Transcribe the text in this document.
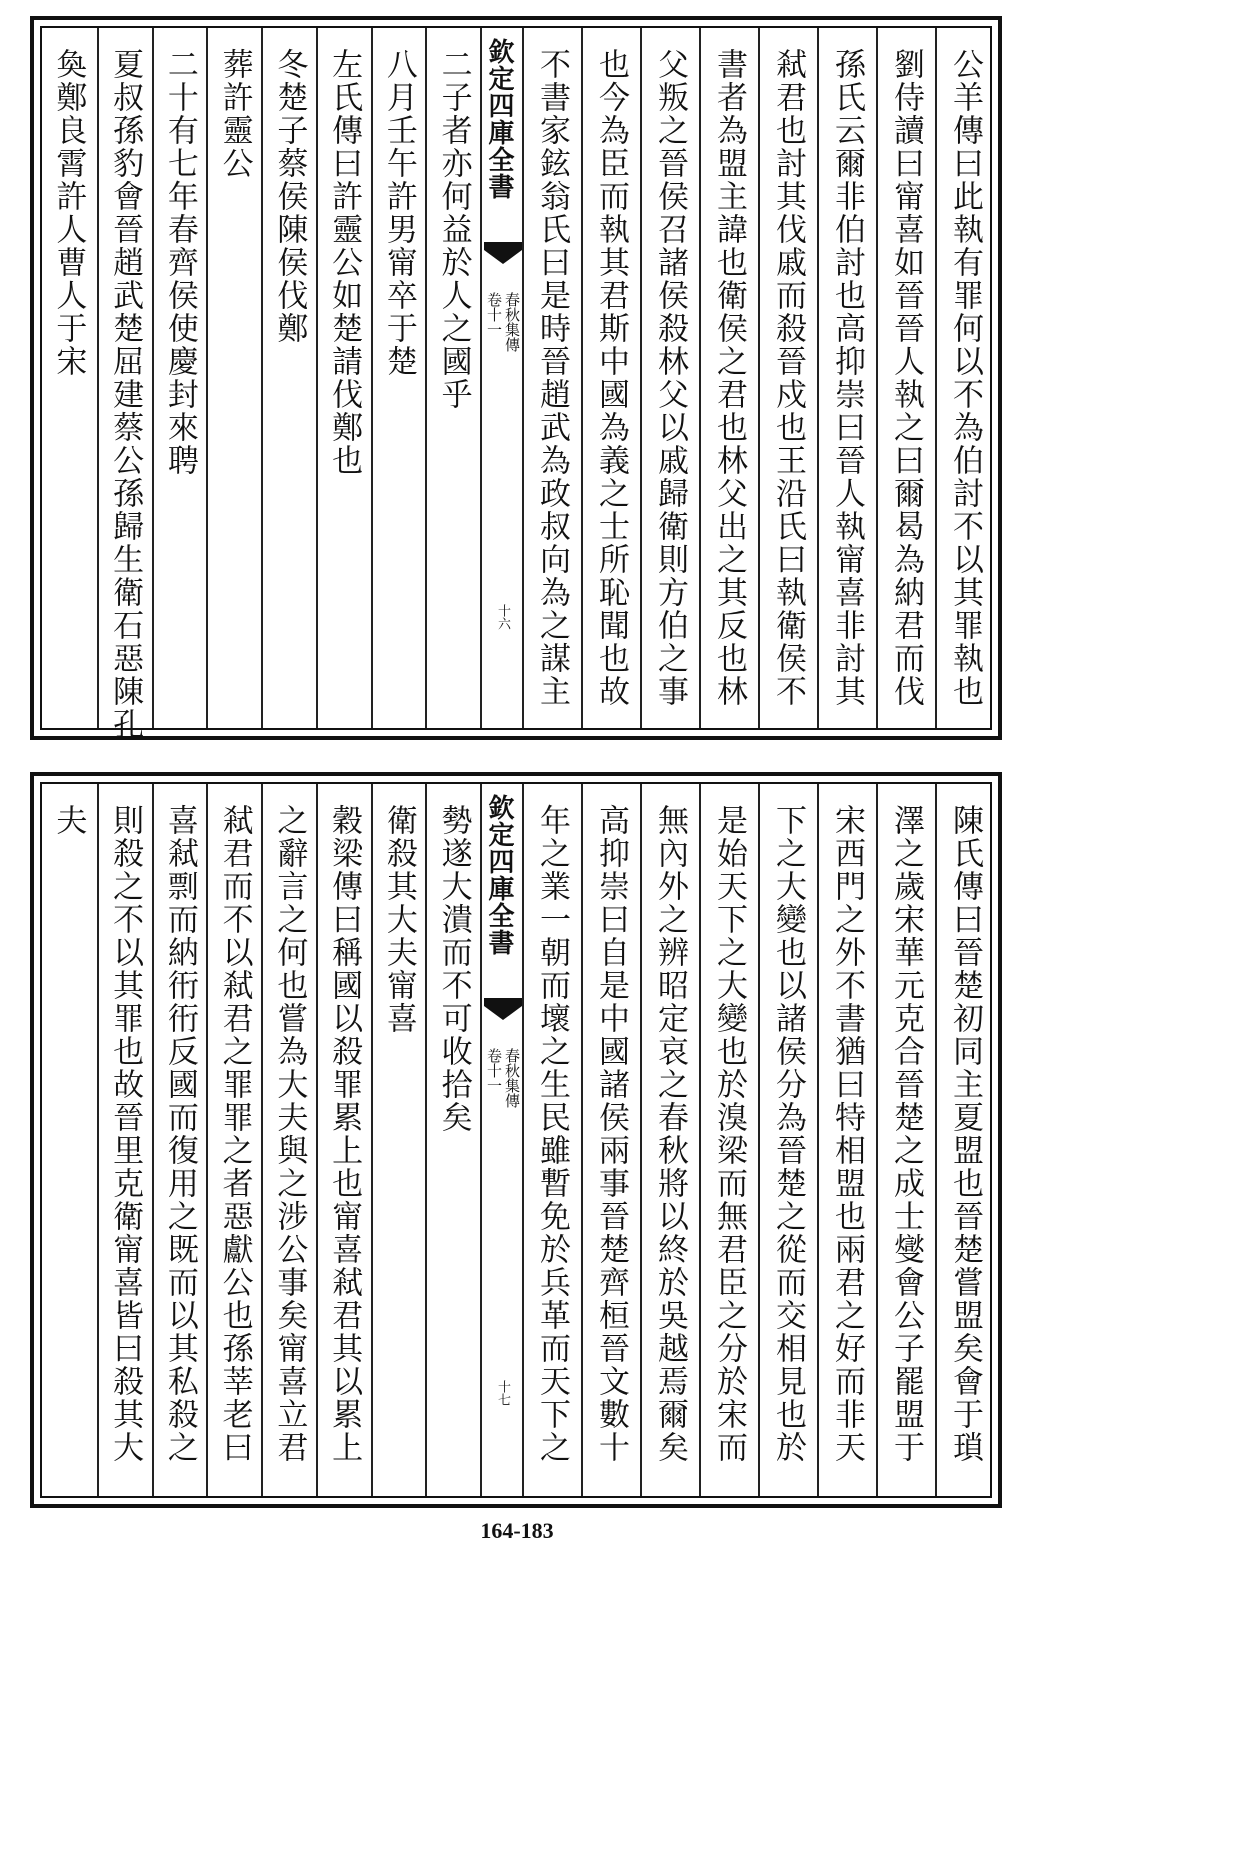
公羊傳曰此執有罪何以不為伯討不以其罪執也
劉侍讀曰甯喜如晉晉人執之曰爾曷為納君而伐
孫氏云爾非伯討也高抑崇曰晉人執甯喜非討其
弒君也討其伐戚而殺晉戍也王沿氏曰執衛侯不
書者為盟主諱也衛侯之君也林父出之其反也林
父叛之晉侯召諸侯殺林父以戚歸衛則方伯之事
也今為臣而執其君斯中國為義之士所恥聞也故
不書家鉉翁氏曰是時晉趙武為政叔向為之謀主
二子者亦何益於人之國乎
八月壬午許男甯卒于楚
左氏傳曰許靈公如楚請伐鄭也
冬楚子蔡侯陳侯伐鄭
葬許靈公
二十有七年春齊侯使慶封來聘
夏叔孫豹會晉趙武楚屈建蔡公孫歸生衛石惡陳孔
奐鄭良霄許人曹人于宋	欽定四庫全書
春秋集傳
卷十一
十六
陳氏傳曰晉楚初同主夏盟也晉楚嘗盟矣會于瑣
澤之歲宋華元克合晉楚之成士燮會公子罷盟于
宋西門之外不書猶曰特相盟也兩君之好而非天
下之大變也以諸侯分為晉楚之從而交相見也於
是始天下之大變也於溴梁而無君臣之分於宋而
無內外之辨昭定哀之春秋將以終於吳越焉爾矣
高抑崇曰自是中國諸侯兩事晉楚齊桓晉文數十
年之業一朝而壞之生民雖暫免於兵革而天下之
勢遂大潰而不可收拾矣
衛殺其大夫甯喜
穀梁傳曰稱國以殺罪累上也甯喜弒君其以累上
之辭言之何也嘗為大夫與之涉公事矣甯喜立君
弒君而不以弒君之罪罪之者惡獻公也孫莘老曰
喜弒剽而納衎衎反國而復用之既而以其私殺之
則殺之不以其罪也故晉里克衛甯喜皆曰殺其大
夫	欽定四庫全書
春秋集傳
卷十一
十七
164-183
